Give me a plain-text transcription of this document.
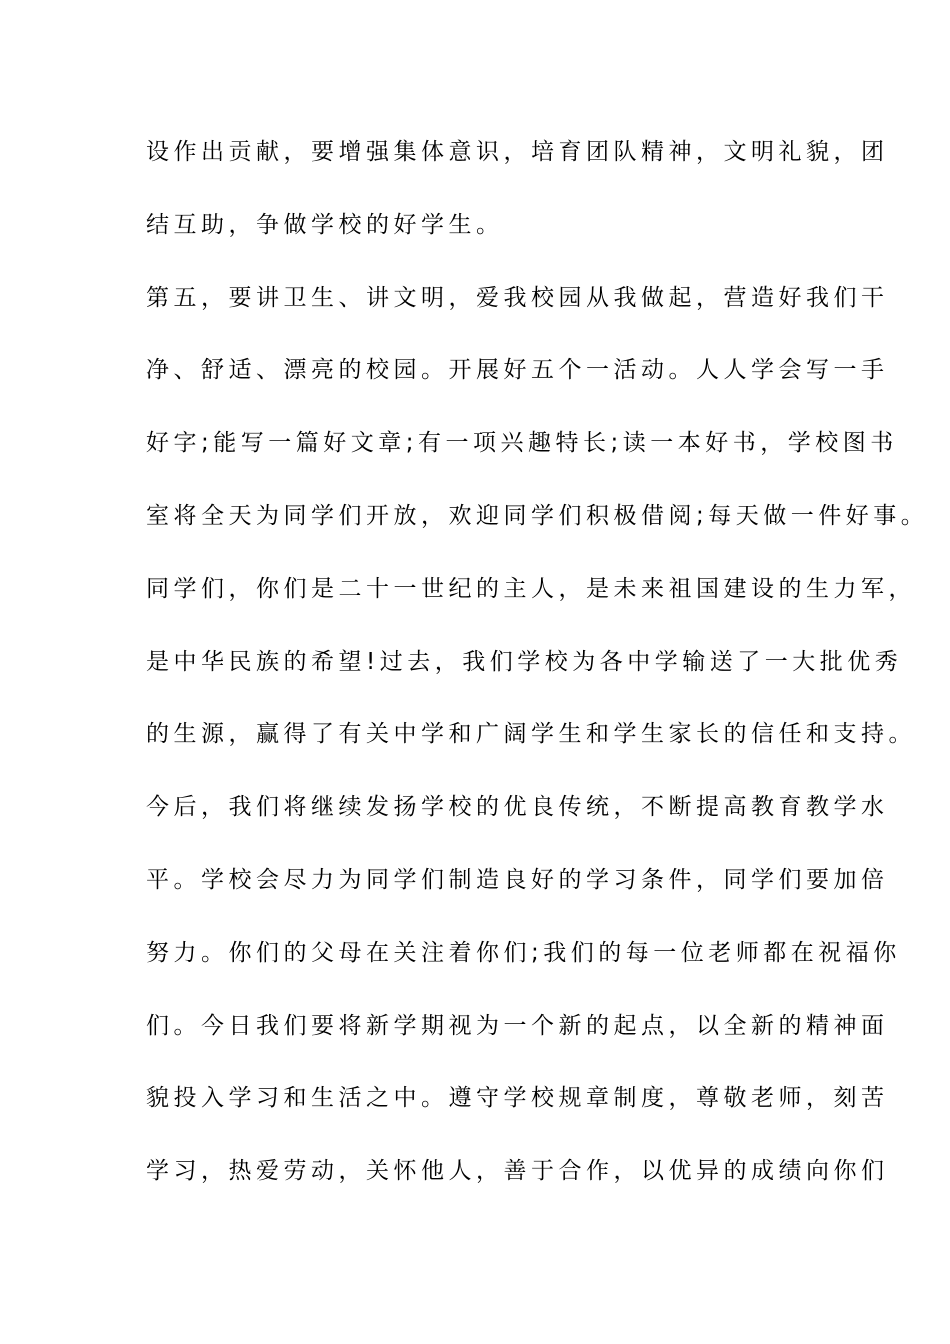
设作出贡献，要增强集体意识，培育团队精神，文明礼貌，团

结互助，争做学校的好学生。

第五，要讲卫生、讲文明，爱我校园从我做起，营造好我们干

净、舒适、漂亮的校园。开展好五个一活动。人人学会写一手

好字;能写一篇好文章;有一项兴趣特长;读一本好书，学校图书

室将全天为同学们开放，欢迎同学们积极借阅;每天做一件好事。

同学们，你们是二十一世纪的主人，是未来祖国建设的生力军，

是中华民族的希望!过去，我们学校为各中学输送了一大批优秀

的生源，赢得了有关中学和广阔学生和学生家长的信任和支持。

今后，我们将继续发扬学校的优良传统，不断提高教育教学水

平。学校会尽力为同学们制造良好的学习条件，同学们要加倍

努力。你们的父母在关注着你们;我们的每一位老师都在祝福你

们。今日我们要将新学期视为一个新的起点，以全新的精神面

貌投入学习和生活之中。遵守学校规章制度，尊敬老师，刻苦

学习，热爱劳动，关怀他人，善于合作，以优异的成绩向你们
